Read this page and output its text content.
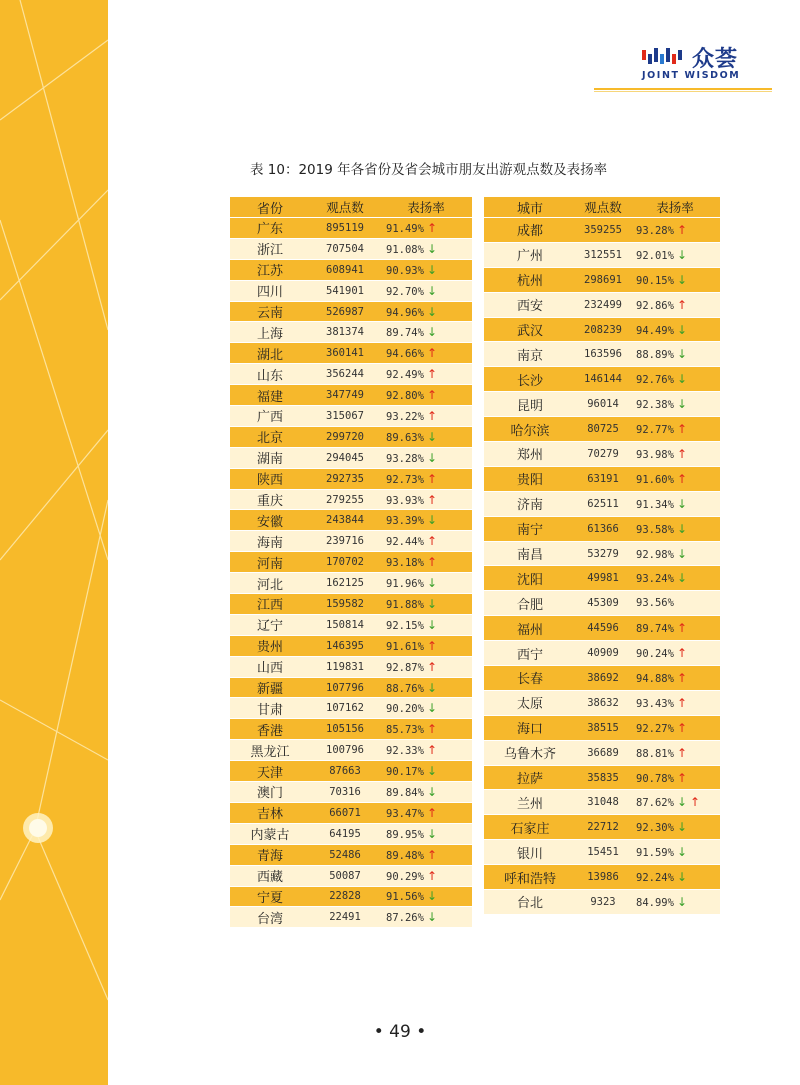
众荟
JOINT WISDOM
表 10：2019 年各省份及省会城市朋友出游观点数及表扬率
省份	观点数	表扬率
广东	895119	91.49% ↑
浙江	707504	91.08% ↓
江苏	608941	90.93% ↓
四川	541901	92.70% ↓
云南	526987	94.96% ↓
上海	381374	89.74% ↓
湖北	360141	94.66% ↑
山东	356244	92.49% ↑
福建	347749	92.80% ↑
广西	315067	93.22% ↑
北京	299720	89.63% ↓
湖南	294045	93.28% ↓
陕西	292735	92.73% ↑
重庆	279255	93.93% ↑
安徽	243844	93.39% ↓
海南	239716	92.44% ↑
河南	170702	93.18% ↑
河北	162125	91.96% ↓
江西	159582	91.88% ↓
辽宁	150814	92.15% ↓
贵州	146395	91.61% ↑
山西	119831	92.87% ↑
新疆	107796	88.76% ↓
甘肃	107162	90.20% ↓
香港	105156	85.73% ↑
黑龙江	100796	92.33% ↑
天津	87663	90.17% ↓
澳门	70316	89.84% ↓
吉林	66071	93.47% ↑
内蒙古	64195	89.95% ↓
青海	52486	89.48% ↑
西藏	50087	90.29% ↑
宁夏	22828	91.56% ↓
台湾	22491	87.26% ↓
城市	观点数	表扬率
成都	359255	93.28% ↑
广州	312551	92.01% ↓
杭州	298691	90.15% ↓
西安	232499	92.86% ↑
武汉	208239	94.49% ↓
南京	163596	88.89% ↓
长沙	146144	92.76% ↓
昆明	96014	92.38% ↓
哈尔滨	80725	92.77% ↑
郑州	70279	93.98% ↑
贵阳	63191	91.60% ↑
济南	62511	91.34% ↓
南宁	61366	93.58% ↓
南昌	53279	92.98% ↓
沈阳	49981	93.24% ↓
合肥	45309	93.56%
福州	44596	89.74% ↑
西宁	40909	90.24% ↑
长春	38692	94.88% ↑
太原	38632	93.43% ↑
海口	38515	92.27% ↑
乌鲁木齐	36689	88.81% ↑
拉萨	35835	90.78% ↑
兰州	31048	87.62% ↓ ↑
石家庄	22712	92.30% ↓
银川	15451	91.59% ↓
呼和浩特	13986	92.24% ↓
台北	9323	84.99% ↓
• 49 •
